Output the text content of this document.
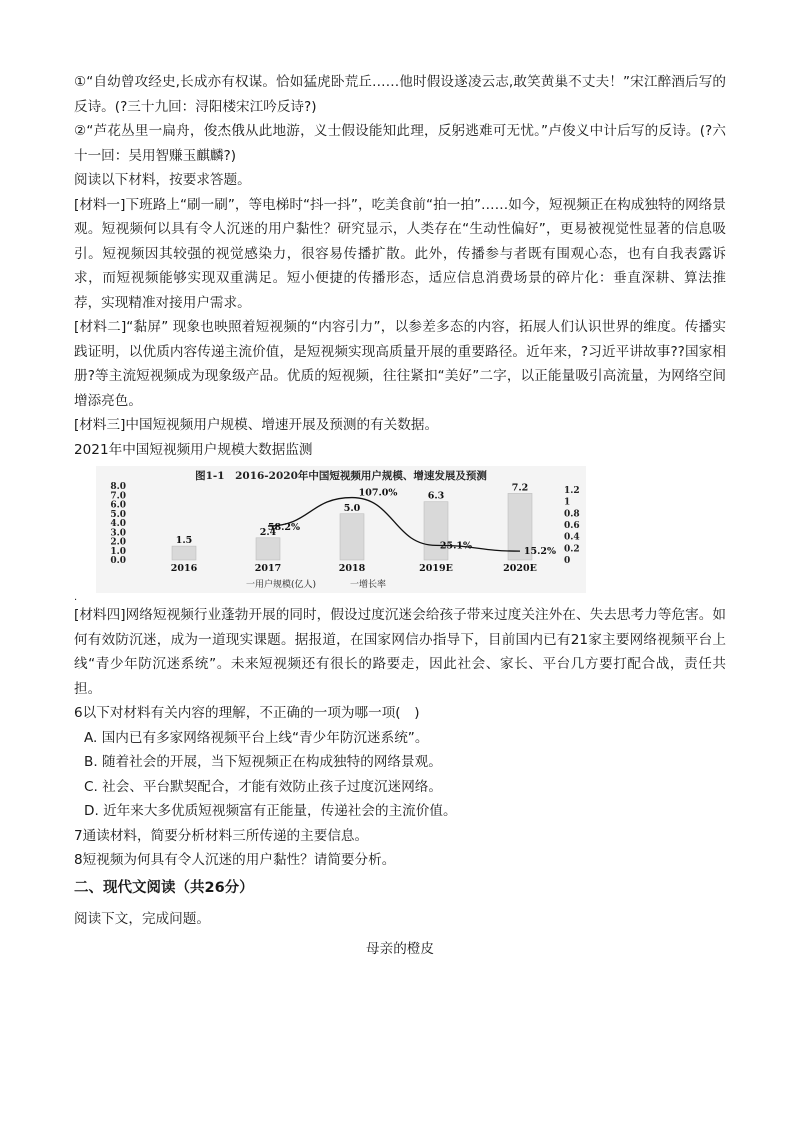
①“自幼曾攻经史,长成亦有权谋。恰如猛虎卧荒丘……他时假设遂凌云志,敢笑黄巢不丈夫！”宋江醉酒后写的反诗。(?三十九回：浔阳楼宋江吟反诗?)

②“芦花丛里一扁舟，俊杰俄从此地游，义士假设能知此理，反躬逃难可无忧。”卢俊义中计后写的反诗。(?六十一回：吴用智赚玉麒麟?)

阅读以下材料，按要求答题。

[材料一]下班路上“刷一刷”，等电梯时“抖一抖”，吃美食前“拍一拍”……如今，短视频正在构成独特的网络景观。短视频何以具有令人沉迷的用户黏性？研究显示，人类存在“生动性偏好”，更易被视觉性显著的信息吸引。短视频因其较强的视觉感染力，很容易传播扩散。此外，传播参与者既有围观心态，也有自我表露诉求，而短视频能够实现双重满足。短小便捷的传播形态，适应信息消费场景的碎片化：垂直深耕、算法推荐，实现精准对接用户需求。

[材料二]“黏屏” 现象也映照着短视频的“内容引力”，以参差多态的内容，拓展人们认识世界的维度。传播实践证明，以优质内容传递主流价值，是短视频实现高质量开展的重要路径。近年来，?习近平讲故事??国家相册?等主流短视频成为现象级产品。优质的短视频，往往紧扣“美好”二字，以正能量吸引高流量，为网络空间增添亮色。

[材料三]中国短视频用户规模、增速开展及预测的有关数据。

2021年中国短视频用户规模大数据监测

图1-1　2016-2020年中国短视频用户规模、增速发展及预测
8.0
7.0
6.0
5.0
4.0
3.0
2.0
1.0
0.0
1.2
1
0.8
0.6
0.4
0.2
0
1.5
2016
2.4
2017
5.0
2018
6.3
2019E
7.2
2020E
58.2%
107.0%
25.1%
15.2%
一用户规模(亿人)	一增长率

.

[材料四]网络短视频行业蓬勃开展的同时，假设过度沉迷会给孩子带来过度关注外在、失去思考力等危害。如何有效防沉迷，成为一道现实课题。据报道，在国家网信办指导下，目前国内已有21家主要网络视频平台上线“青少年防沉迷系统”。未来短视频还有很长的路要走，因此社会、家长、平台几方要打配合战，责任共担。

6以下对材料有关内容的理解，不正确的一项为哪一项(　)

A. 国内已有多家网络视频平台上线“青少年防沉迷系统”。

B. 随着社会的开展，当下短视频正在构成独特的网络景观。

C. 社会、平台默契配合，才能有效防止孩子过度沉迷网络。

D. 近年来大多优质短视频富有正能量，传递社会的主流价值。

7通读材料，简要分析材料三所传递的主要信息。

8短视频为何具有令人沉迷的用户黏性？请简要分析。

二、现代文阅读（共26分）

阅读下文，完成问题。

母亲的橙皮
